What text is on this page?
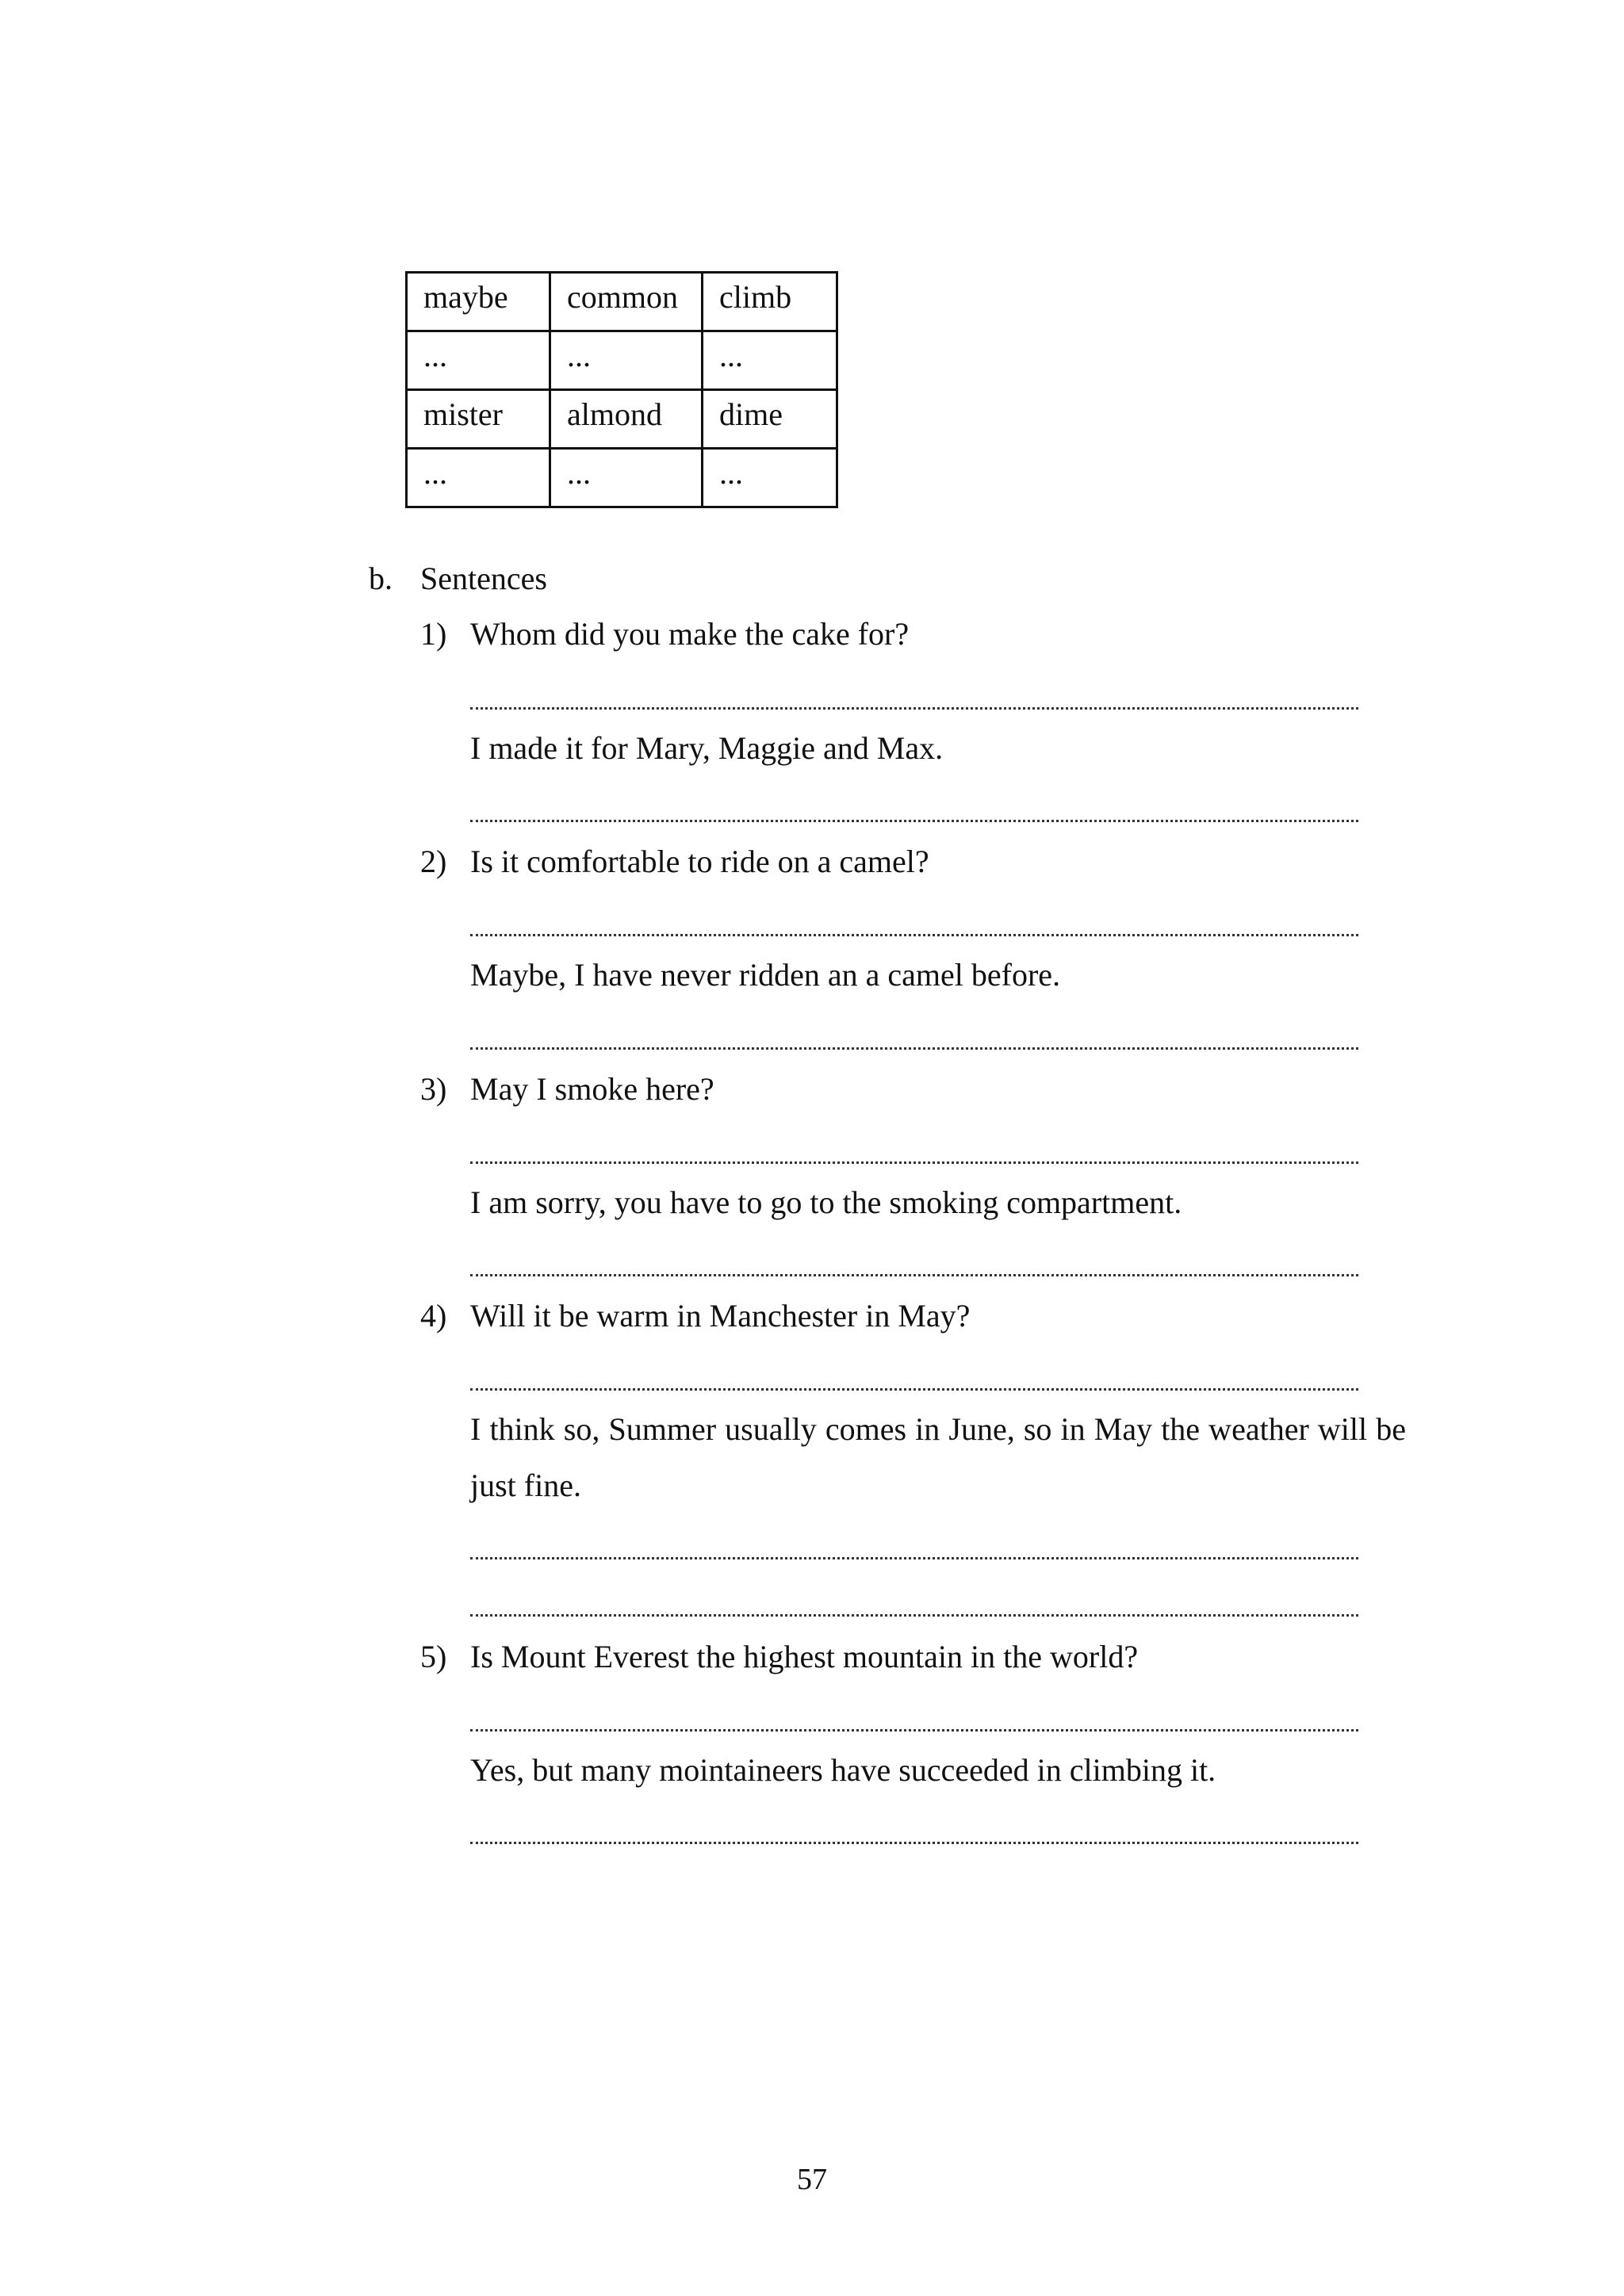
maybe	common	climb
...	...	...
mister	almond	dime
...	...	...
b. Sentences
1) Whom did you make the cake for?
I made it for Mary, Maggie and Max.
2) Is it comfortable to ride on a camel?
Maybe, I have never ridden an a camel before.
3) May I smoke here?
I am sorry, you have to go to the smoking compartment.
4) Will it be warm in Manchester in May?
I think so, Summer usually comes in June, so in May the weather will be just fine.
5) Is Mount Everest the highest mountain in the world?
Yes, but many mointaineers have succeeded in climbing it.
57
